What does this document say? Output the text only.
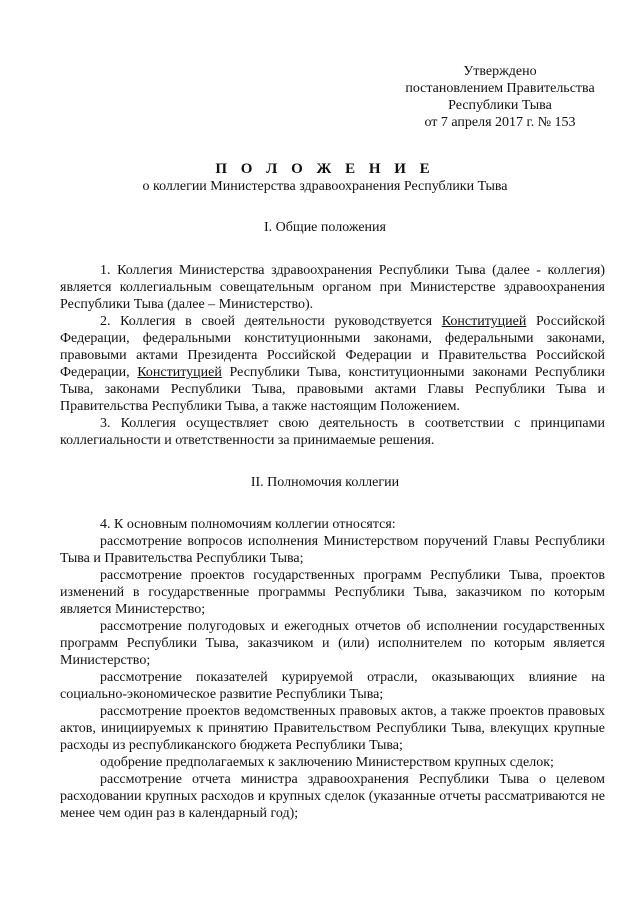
Утверждено
постановлением Правительства
Республики Тыва
от 7 апреля 2017 г. № 153
П О Л О Ж Е Н И Е
о коллегии Министерства здравоохранения Республики Тыва
I. Общие положения

1. Коллегия Министерства здравоохранения Республики Тыва (далее - коллегия) является коллегиальным совещательным органом при Министерстве здравоохранения Республики Тыва (далее – Министерство).

2. Коллегия в своей деятельности руководствуется Конституцией Российской Федерации, федеральными конституционными законами, федеральными законами, правовыми актами Президента Российской Федерации и Правительства Российской Федерации, Конституцией Республики Тыва, конституционными законами Республики Тыва, законами Республики Тыва, правовыми актами Главы Республики Тыва и Правительства Республики Тыва, а также настоящим Положением.

3. Коллегия осуществляет свою деятельность в соответствии с принципами коллегиальности и ответственности за принимаемые решения.

II. Полномочия коллегии

4. К основным полномочиям коллегии относятся:

рассмотрение вопросов исполнения Министерством поручений Главы Республики Тыва и Правительства Республики Тыва;

рассмотрение проектов государственных программ Республики Тыва, проектов изменений в государственные программы Республики Тыва, заказчиком по которым является Министерство;

рассмотрение полугодовых и ежегодных отчетов об исполнении государственных программ Республики Тыва, заказчиком и (или) исполнителем по которым является Министерство;

рассмотрение показателей курируемой отрасли, оказывающих влияние на социально-экономическое развитие Республики Тыва;

рассмотрение проектов ведомственных правовых актов, а также проектов правовых актов, инициируемых к принятию Правительством Республики Тыва, влекущих крупные расходы из республиканского бюджета Республики Тыва;

одобрение предполагаемых к заключению Министерством крупных сделок;

рассмотрение отчета министра здравоохранения Республики Тыва о целевом расходовании крупных расходов и крупных сделок (указанные отчеты рассматриваются не менее чем один раз в календарный год);
